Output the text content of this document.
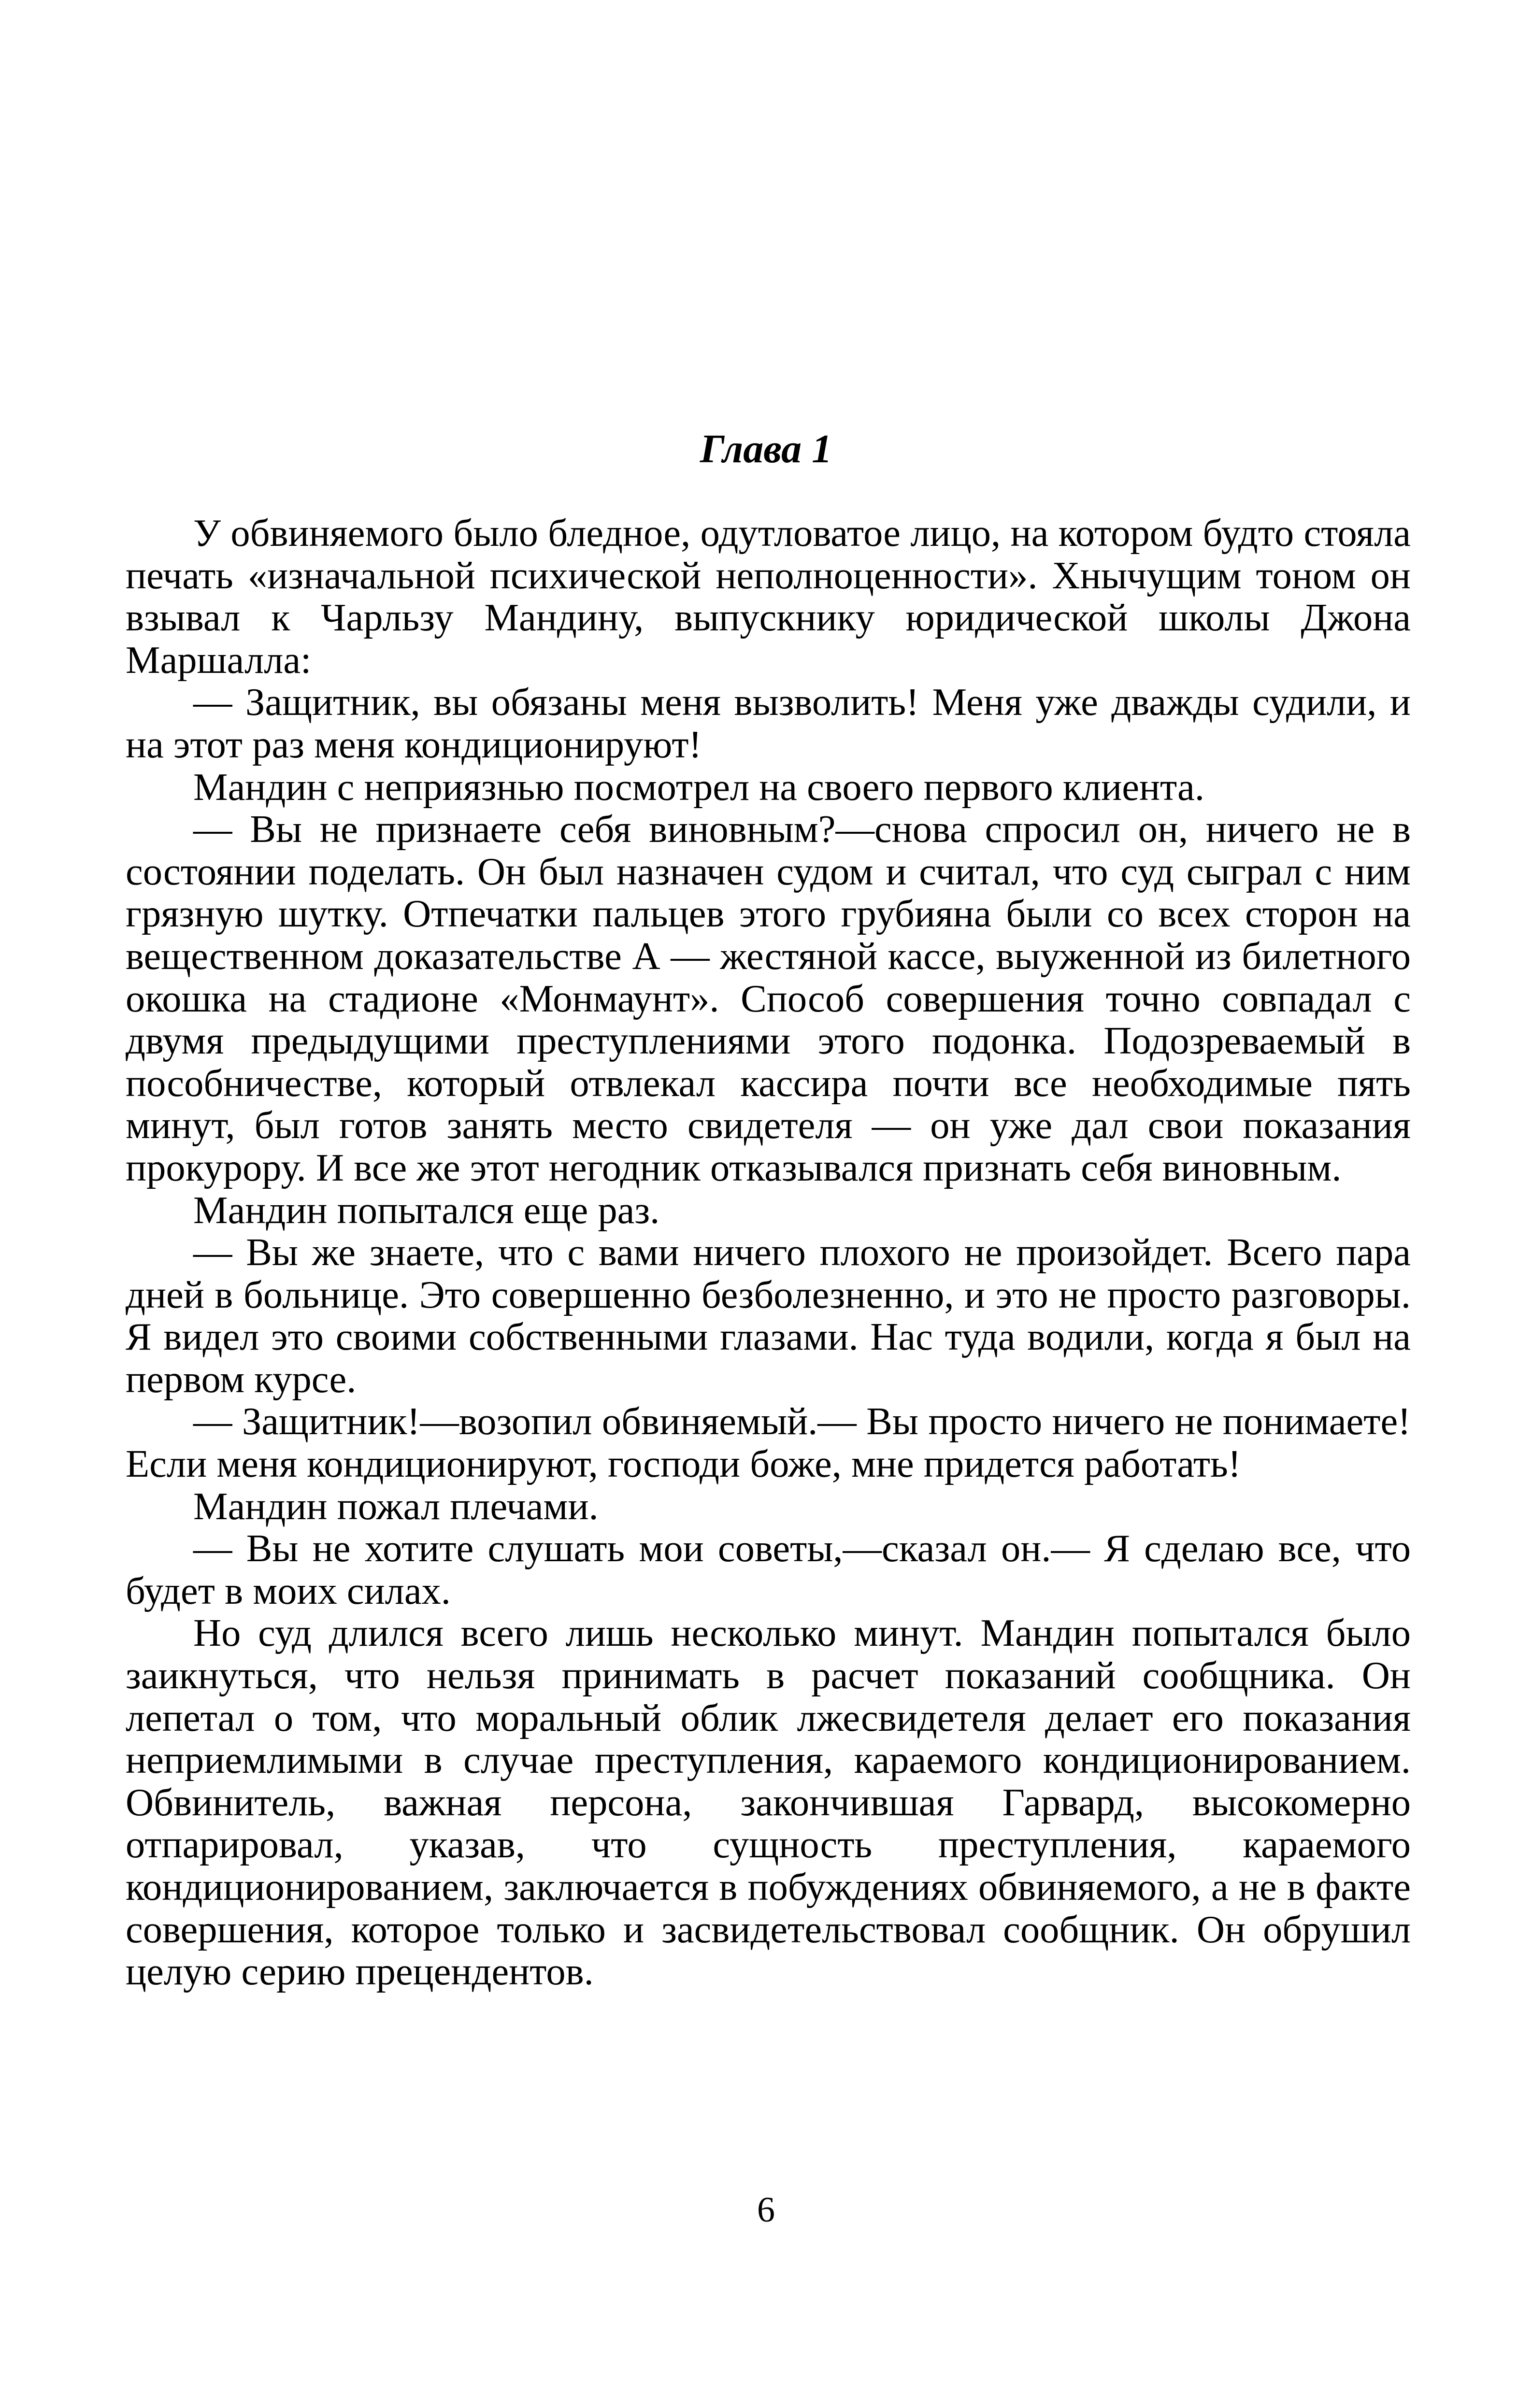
Глава 1

У обвиняемого было бледное, одутловатое лицо, на котором будто стояла печать «изначальной психической неполноценности». Хнычущим тоном он взывал к Чарльзу Мандину, выпускнику юридической школы Джона Маршалла:

— Защитник, вы обязаны меня вызволить! Меня уже дважды судили, и на этот раз меня кондиционируют!

Мандин с неприязнью посмотрел на своего первого клиента.

— Вы не признаете себя виновным?—снова спросил он, ничего не в состоянии поделать. Он был назначен судом и считал, что суд сыграл с ним грязную шутку. Отпечатки пальцев этого грубияна были со всех сторон на вещественном доказательстве А — жестяной кассе, выуженной из билетного окошка на стадионе «Монмаунт». Способ совершения точно совпадал с двумя предыдущими преступлениями этого подонка. Подозреваемый в пособничестве, который отвлекал кассира почти все необходимые пять минут, был готов занять место свидетеля — он уже дал свои показания прокурору. И все же этот негодник отказывался признать себя виновным.

Мандин попытался еще раз.

— Вы же знаете, что с вами ничего плохого не произойдет. Всего пара дней в больнице. Это совершенно безболезненно, и это не просто разговоры. Я видел это своими собственными глазами. Нас туда водили, когда я был на первом курсе.

— Защитник!—возопил обвиняемый.— Вы просто ничего не понимаете! Если меня кондиционируют, господи боже, мне придется работать!

Мандин пожал плечами.

— Вы не хотите слушать мои советы,—сказал он.— Я сделаю все, что будет в моих силах.

Но суд длился всего лишь несколько минут. Мандин попытался было заикнуться, что нельзя принимать в расчет показаний сообщника. Он лепетал о том, что моральный облик лжесвидетеля делает его показания неприемлимыми в случае преступления, караемого кондиционированием. Обвинитель, важная персона, закончившая Гарвард, высокомерно отпарировал, указав, что сущность преступления, караемого кондиционированием, заключается в побуждениях обвиняемого, а не в факте совершения, которое только и засвидетельствовал сообщник. Он обрушил целую серию прецендентов.

6
